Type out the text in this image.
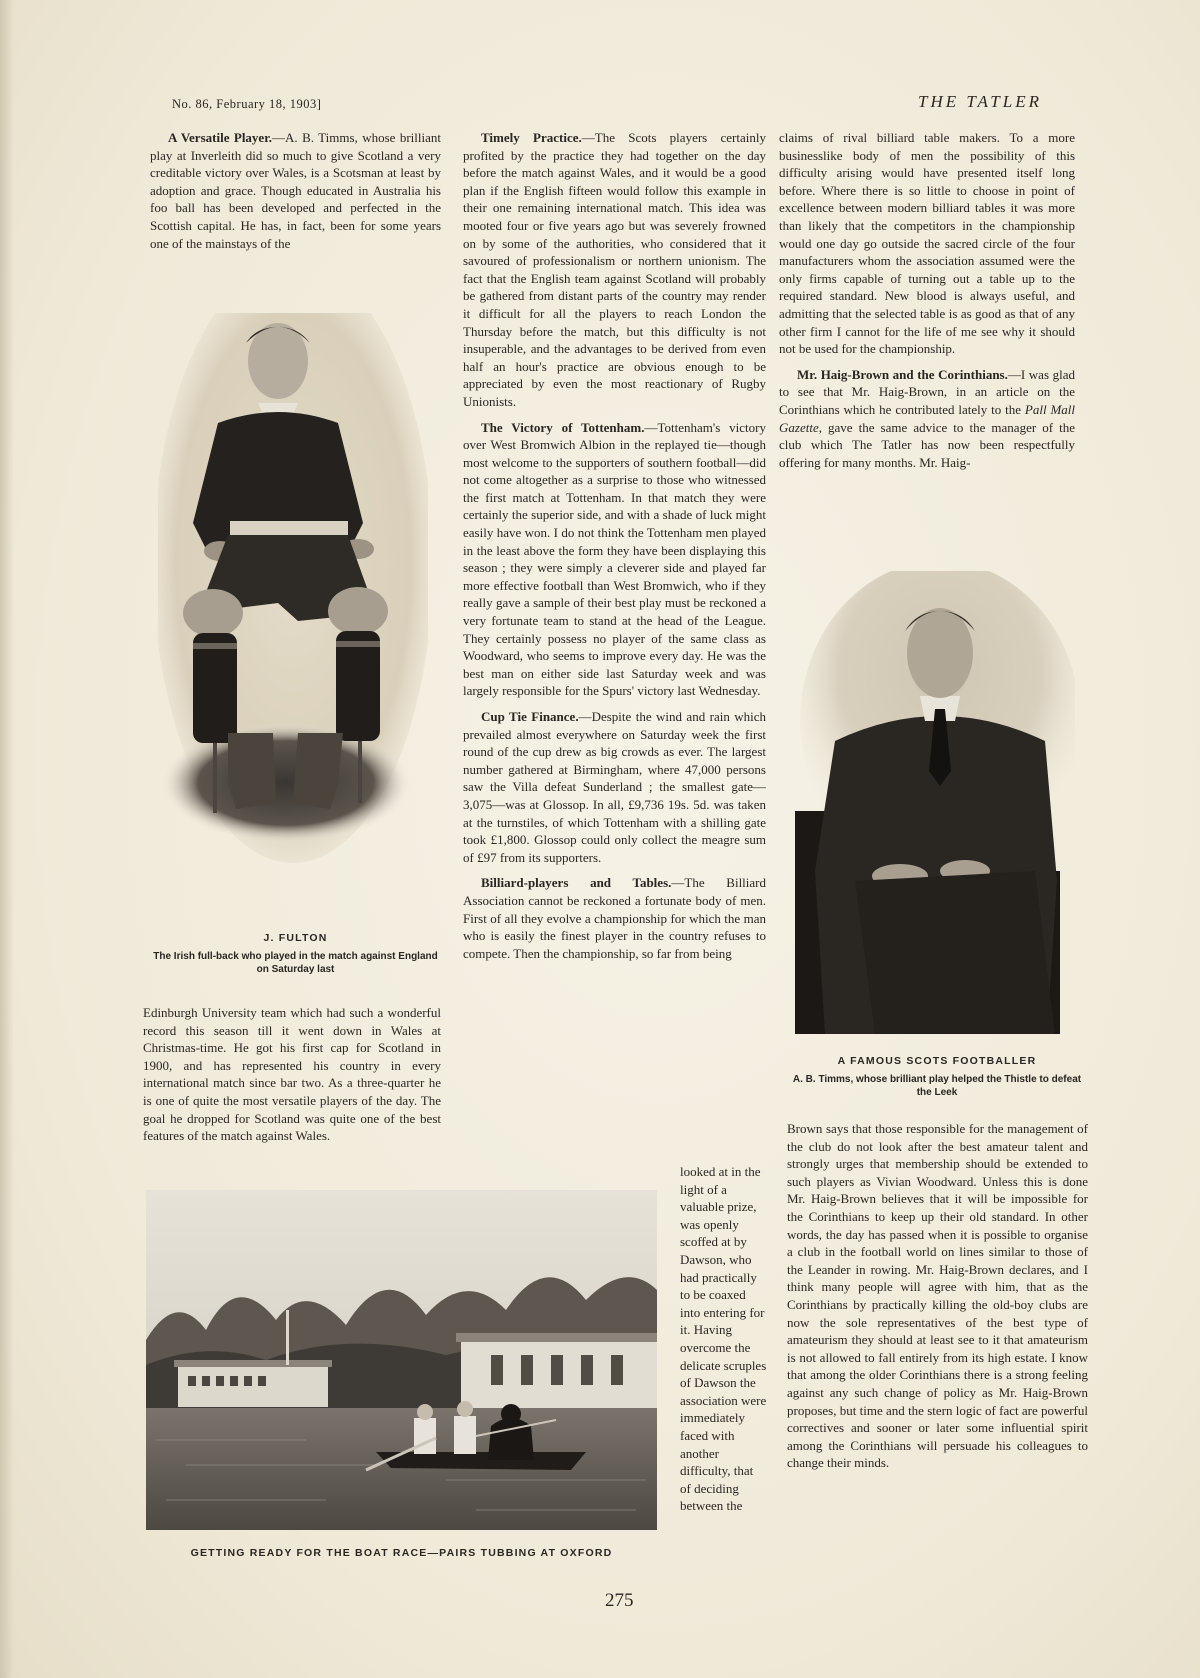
No. 86, February 18, 1903]	THE TATLER

A Versatile Player.—A. B. Timms, whose brilliant play at Inverleith did so much to give Scotland a very creditable victory over Wales, is a Scotsman at least by adoption and grace. Though educated in Australia his foo ball has been developed and perfected in the Scottish capital. He has, in fact, been for some years one of the mainstays of the

J. FULTON
The Irish full-back who played in the match against England on Saturday last

Edinburgh University team which had such a wonderful record this season till it went down in Wales at Christmas-time. He got his first cap for Scotland in 1900, and has represented his country in every international match since bar two. As a three-quarter he is one of quite the most versatile players of the day. The goal he dropped for Scotland was quite one of the best features of the match against Wales.

Timely Practice.—The Scots players certainly profited by the practice they had together on the day before the match against Wales, and it would be a good plan if the English fifteen would follow this example in their one remaining international match. This idea was mooted four or five years ago but was severely frowned on by some of the authorities, who considered that it savoured of professionalism or northern unionism. The fact that the English team against Scotland will probably be gathered from distant parts of the country may render it difficult for all the players to reach London the Thursday before the match, but this difficulty is not insuperable, and the advantages to be derived from even half an hour's practice are obvious enough to be appreciated by even the most reactionary of Rugby Unionists.

The Victory of Tottenham.—Tottenham's victory over West Bromwich Albion in the replayed tie—though most welcome to the supporters of southern football—did not come altogether as a surprise to those who witnessed the first match at Tottenham. In that match they were certainly the superior side, and with a shade of luck might easily have won. I do not think the Tottenham men played in the least above the form they have been displaying this season ; they were simply a cleverer side and played far more effective football than West Bromwich, who if they really gave a sample of their best play must be reckoned a very fortunate team to stand at the head of the League. They certainly possess no player of the same class as Woodward, who seems to improve every day. He was the best man on either side last Saturday week and was largely responsible for the Spurs' victory last Wednesday.

Cup Tie Finance.—Despite the wind and rain which prevailed almost everywhere on Saturday week the first round of the cup drew as big crowds as ever. The largest number gathered at Birmingham, where 47,000 persons saw the Villa defeat Sunderland ; the smallest gate—3,075—was at Glossop. In all, £9,736 19s. 5d. was taken at the turnstiles, of which Tottenham with a shilling gate took £1,800. Glossop could only collect the meagre sum of £97 from its supporters.

Billiard-players and Tables.—The Billiard Association cannot be reckoned a fortunate body of men. First of all they evolve a championship for which the man who is easily the finest player in the country refuses to compete. Then the championship, so far from being

looked at in the light of a valuable prize, was openly scoffed at by Dawson, who had practically to be coaxed into entering for it. Having overcome the delicate scruples of Dawson the association were immediately faced with another difficulty, that of deciding between the

GETTING READY FOR THE BOAT RACE—PAIRS TUBBING AT OXFORD

claims of rival billiard table makers. To a more businesslike body of men the possibility of this difficulty arising would have presented itself long before. Where there is so little to choose in point of excellence between modern billiard tables it was more than likely that the competitors in the championship would one day go outside the sacred circle of the four manufacturers whom the association assumed were the only firms capable of turning out a table up to the required standard. New blood is always useful, and admitting that the selected table is as good as that of any other firm I cannot for the life of me see why it should not be used for the championship.

Mr. Haig-Brown and the Corinthians.—I was glad to see that Mr. Haig-Brown, in an article on the Corinthians which he contributed lately to the Pall Mall Gazette, gave the same advice to the manager of the club which The Tatler has now been respectfully offering for many months. Mr. Haig-

A FAMOUS SCOTS FOOTBALLER
A. B. Timms, whose brilliant play helped the Thistle to defeat the Leek

Brown says that those responsible for the management of the club do not look after the best amateur talent and strongly urges that membership should be extended to such players as Vivian Woodward. Unless this is done Mr. Haig-Brown believes that it will be impossible for the Corinthians to keep up their old standard. In other words, the day has passed when it is possible to organise a club in the football world on lines similar to those of the Leander in rowing. Mr. Haig-Brown declares, and I think many people will agree with him, that as the Corinthians by practically killing the old-boy clubs are now the sole representatives of the best type of amateurism they should at least see to it that amateurism is not allowed to fall entirely from its high estate. I know that among the older Corinthians there is a strong feeling against any such change of policy as Mr. Haig-Brown proposes, but time and the stern logic of fact are powerful correctives and sooner or later some influential spirit among the Corinthians will persuade his colleagues to change their minds.

275
